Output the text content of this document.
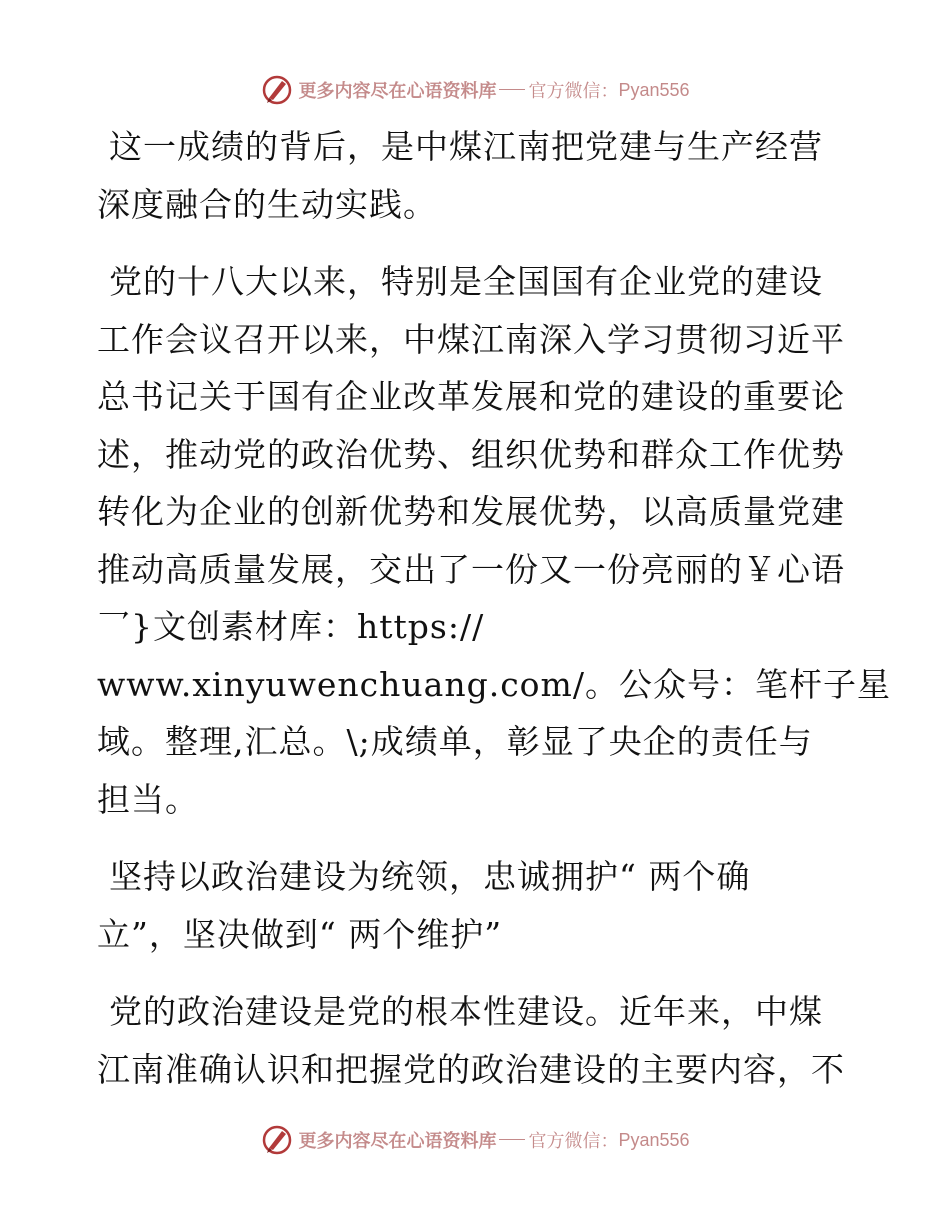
更多内容尽在心语资料库 官方微信： Pyan556
这一成绩的背后，是中煤江南把党建与生产经营
深度融合的生动实践。
党的十八大以来，特别是全国国有企业党的建设
工作会议召开以来，中煤江南深入学习贯彻习近平
总书记关于国有企业改革发展和党的建设的重要论
述，推动党的政治优势、组织优势和群众工作优势
转化为企业的创新优势和发展优势，以高质量党建
推动高质量发展，交出了一份又一份亮丽的￥心语
乛}文创素材库：https://
www.xinyuwenchuang.com/。公众号：笔杆子星
域。整理,汇总。\;成绩单，彰显了央企的责任与
担当。
坚持以政治建设为统领，忠诚拥护“ 两个确
立”，坚决做到“ 两个维护”
党的政治建设是党的根本性建设。近年来，中煤
江南准确认识和把握党的政治建设的主要内容，不
更多内容尽在心语资料库 官方微信： Pyan556
